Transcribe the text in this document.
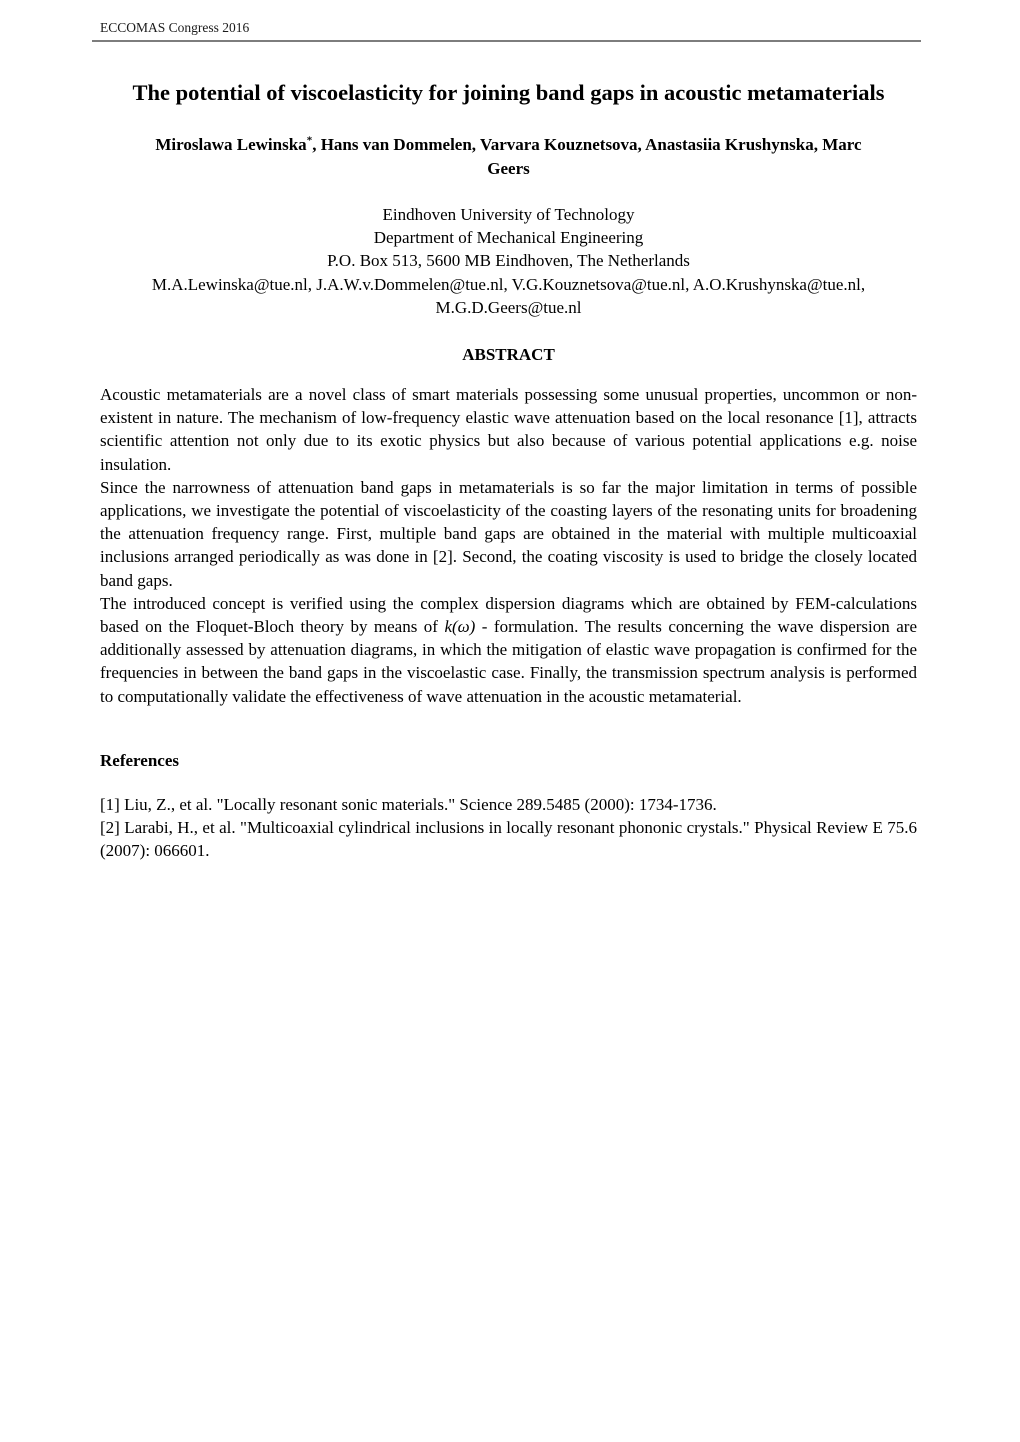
ECCOMAS Congress 2016
The potential of viscoelasticity for joining band gaps in acoustic metamaterials
Miroslawa Lewinska*, Hans van Dommelen, Varvara Kouznetsova, Anastasiia Krushynska, Marc
Geers
Eindhoven University of Technology
Department of Mechanical Engineering
P.O. Box 513, 5600 MB Eindhoven, The Netherlands
M.A.Lewinska@tue.nl, J.A.W.v.Dommelen@tue.nl, V.G.Kouznetsova@tue.nl, A.O.Krushynska@tue.nl,
M.G.D.Geers@tue.nl
ABSTRACT

Acoustic metamaterials are a novel class of smart materials possessing some unusual properties, uncommon or non-existent in nature. The mechanism of low-frequency elastic wave attenuation based on the local resonance [1], attracts scientific attention not only due to its exotic physics but also because of various potential applications e.g. noise insulation.

Since the narrowness of attenuation band gaps in metamaterials is so far the major limitation in terms of possible applications, we investigate the potential of viscoelasticity of the coasting layers of the resonating units for broadening the attenuation frequency range. First, multiple band gaps are obtained in the material with multiple multicoaxial inclusions arranged periodically as was done in [2]. Second, the coating viscosity is used to bridge the closely located band gaps.

The introduced concept is verified using the complex dispersion diagrams which are obtained by FEM-calculations based on the Floquet-Bloch theory by means of k(ω) - formulation. The results concerning the wave dispersion are additionally assessed by attenuation diagrams, in which the mitigation of elastic wave propagation is confirmed for the frequencies in between the band gaps in the viscoelastic case. Finally, the transmission spectrum analysis is performed to computationally validate the effectiveness of wave attenuation in the acoustic metamaterial.

References

[1] Liu, Z., et al. "Locally resonant sonic materials." Science 289.5485 (2000): 1734-1736.

[2] Larabi, H., et al. "Multicoaxial cylindrical inclusions in locally resonant phononic crystals." Physical Review E 75.6 (2007): 066601.
